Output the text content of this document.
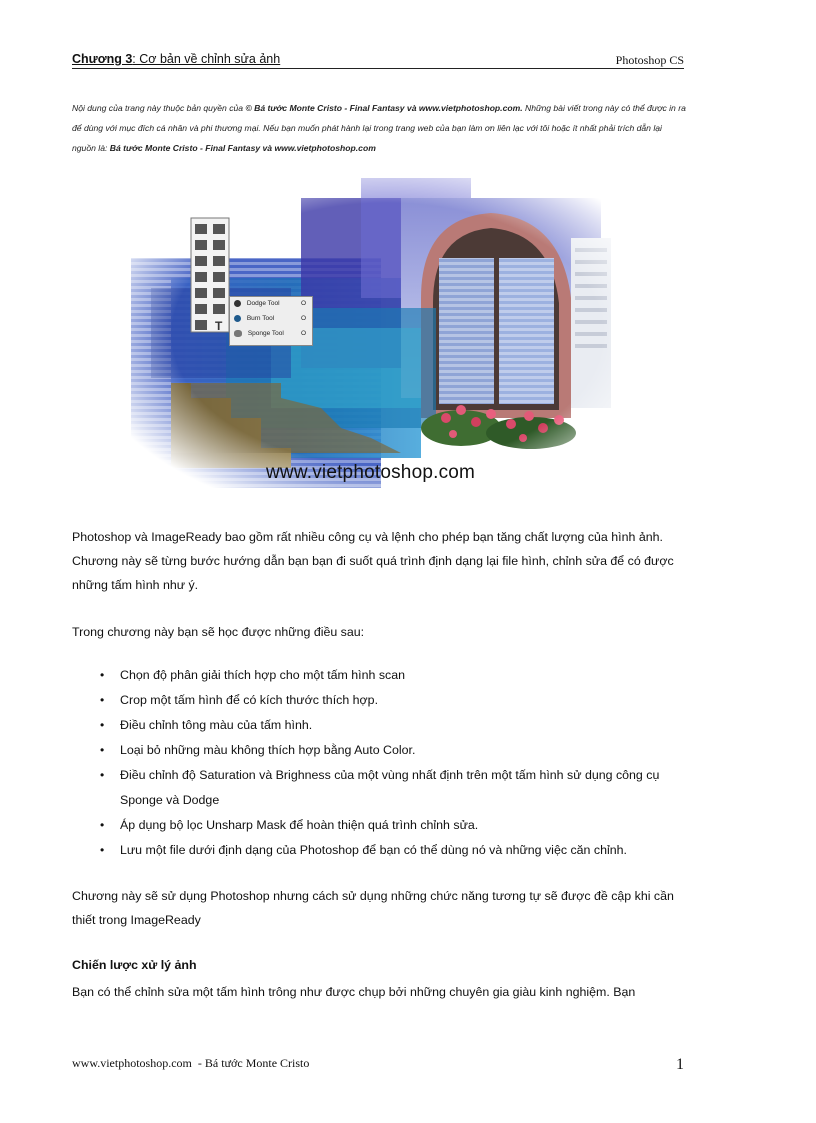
Chương 3: Cơ bản về chỉnh sửa ảnh	Photoshop CS
Nội dung của trang này thuộc bản quyền của © Bá tước Monte Cristo - Final Fantasy và www.vietphotoshop.com. Những bài viết trong này có thể được in ra để dùng với mục đích cá nhân và phi thương mại. Nếu bạn muốn phát hành lại trong trang web của bạn làm ơn liên lạc với tôi hoặc ít nhất phải trích dẫn lại nguồn là: Bá tước Monte Cristo - Final Fantasy và www.vietphotoshop.com
T
Dodge Tool	O
Burn Tool	O
Sponge Tool	O
www.vietphotoshop.com
Photoshop và ImageReady bao gồm rất nhiều công cụ và lệnh cho phép bạn tăng chất lượng của hình ảnh. Chương này sẽ từng bước hướng dẫn bạn bạn đi suốt quá trình định dạng lại file hình, chỉnh sửa để có được những tấm hình như ý.
Trong chương này bạn sẽ học được những điều sau:
• Chọn độ phân giải thích hợp cho một tấm hình scan
• Crop một tấm hình để có kích thước thích hợp.
• Điều chỉnh tông màu của tấm hình.
• Loại bỏ những màu không thích hợp bằng Auto Color.
• Điều chỉnh độ Saturation và Brighness của một vùng nhất định trên một tấm hình sử dụng công cụ Sponge và Dodge
• Áp dụng bộ lọc Unsharp Mask để hoàn thiện quá trình chỉnh sửa.
• Lưu một file dưới định dạng của Photoshop để bạn có thể dùng nó và những việc căn chỉnh.
Chương này sẽ sử dụng Photoshop nhưng cách sử dụng những chức năng tương tự sẽ được đề cập khi cần thiết trong ImageReady
Chiến lược xử lý ảnh
Bạn có thể chỉnh sửa một tấm hình trông như được chụp bởi những chuyên gia giàu kinh nghiệm. Bạn
www.vietphotoshop.com  - Bá tước Monte Cristo	1
